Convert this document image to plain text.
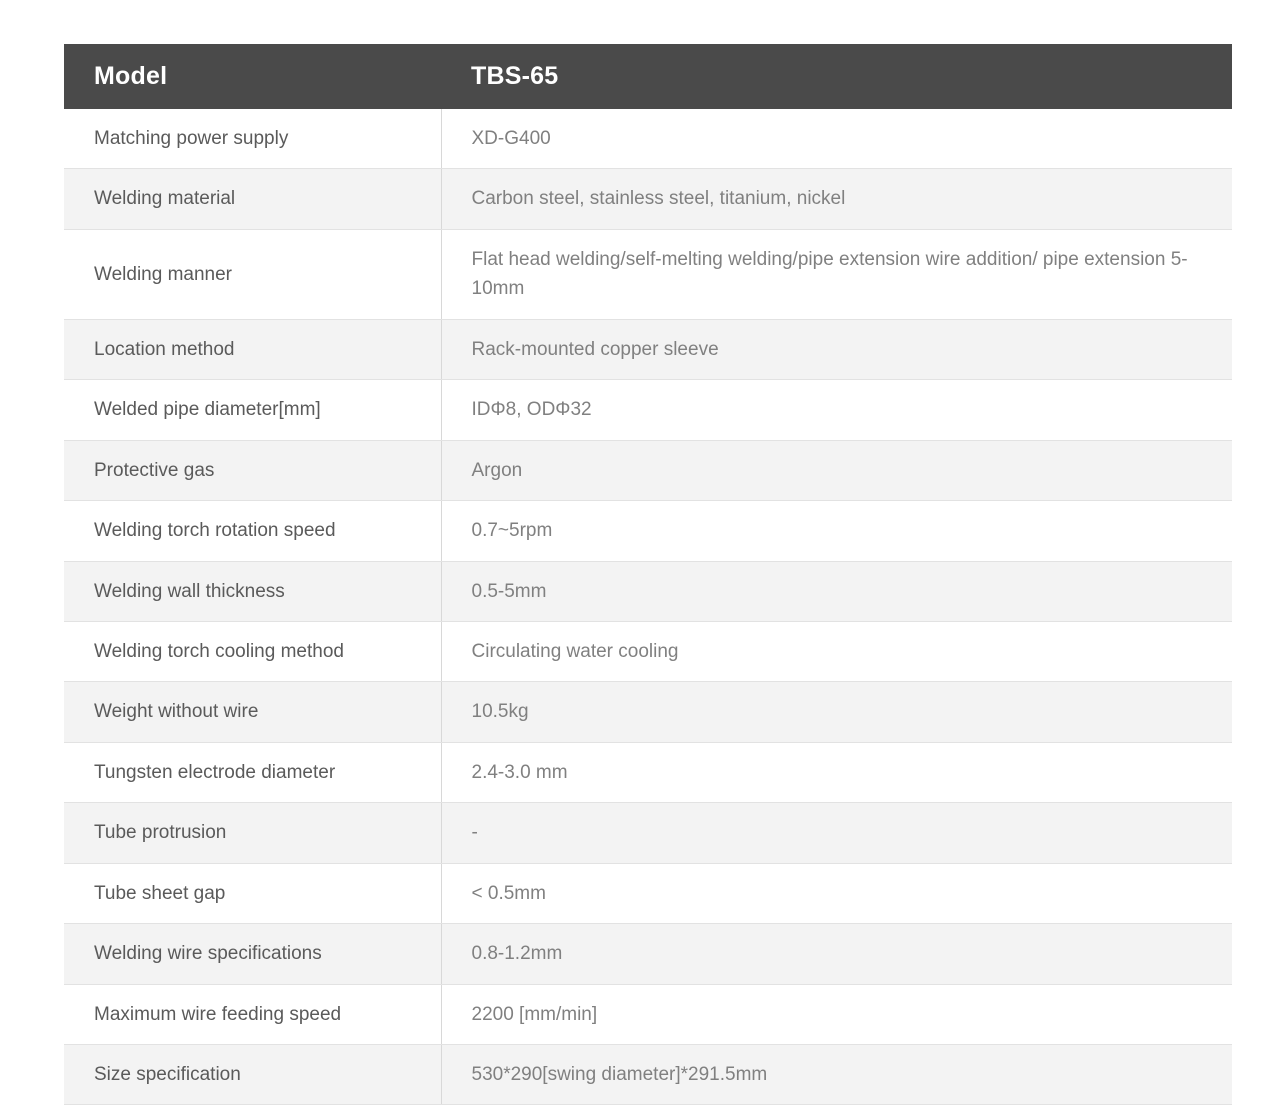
Model	TBS-65
Matching power supply	XD-G400
Welding material	Carbon steel, stainless steel, titanium, nickel
Welding manner	Flat head welding/self-melting welding/pipe extension wire addition/ pipe extension 5-10mm
Location method	Rack-mounted copper sleeve
Welded pipe diameter[mm]	IDΦ8, ODΦ32
Protective gas	Argon
Welding torch rotation speed	0.7~5rpm
Welding wall thickness	0.5-5mm
Welding torch cooling method	Circulating water cooling
Weight without wire	10.5kg
Tungsten electrode diameter	2.4-3.0 mm
Tube protrusion	-
Tube sheet gap	< 0.5mm
Welding wire specifications	0.8-1.2mm
Maximum wire feeding speed	2200 [mm/min]
Size specification	530*290[swing diameter]*291.5mm
